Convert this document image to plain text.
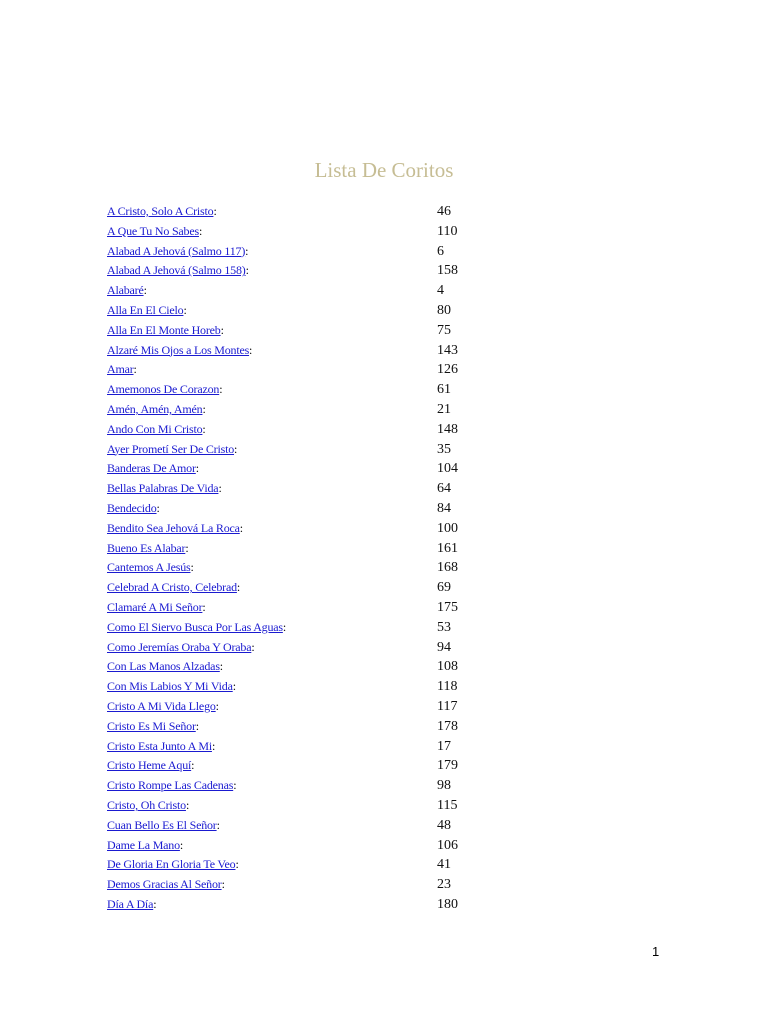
Lista De Coritos
A Cristo, Solo A Cristo:	46
A Que Tu No Sabes:	110
Alabad A Jehová (Salmo 117):	6
Alabad A Jehová (Salmo 158):	158
Alabaré:	4
Alla En El Cielo:	80
Alla En El Monte Horeb:	75
Alzaré Mis Ojos a Los Montes:	143
Amar:	126
Amemonos De Corazon:	61
Amén, Amén, Amén:	21
Ando Con Mi Cristo:	148
Ayer Prometí Ser De Cristo:	35
Banderas De Amor:	104
Bellas Palabras De Vida:	64
Bendecido:	84
Bendito Sea Jehová La Roca:	100
Bueno Es Alabar:	161
Cantemos A Jesús:	168
Celebrad A Cristo, Celebrad:	69
Clamaré A Mi Señor:	175
Como El Siervo Busca Por Las Aguas:	53
Como Jeremías Oraba Y Oraba:	94
Con Las Manos Alzadas:	108
Con Mis Labios Y Mi Vida:	118
Cristo A Mi Vida Llego:	117
Cristo Es Mi Señor:	178
Cristo Esta Junto A Mi:	17
Cristo Heme Aquí:	179
Cristo Rompe Las Cadenas:	98
Cristo, Oh Cristo:	115
Cuan Bello Es El Señor:	48
Dame La Mano:	106
De Gloria En Gloria Te Veo:	41
Demos Gracias Al Señor:	23
Día A Día:	180
1
